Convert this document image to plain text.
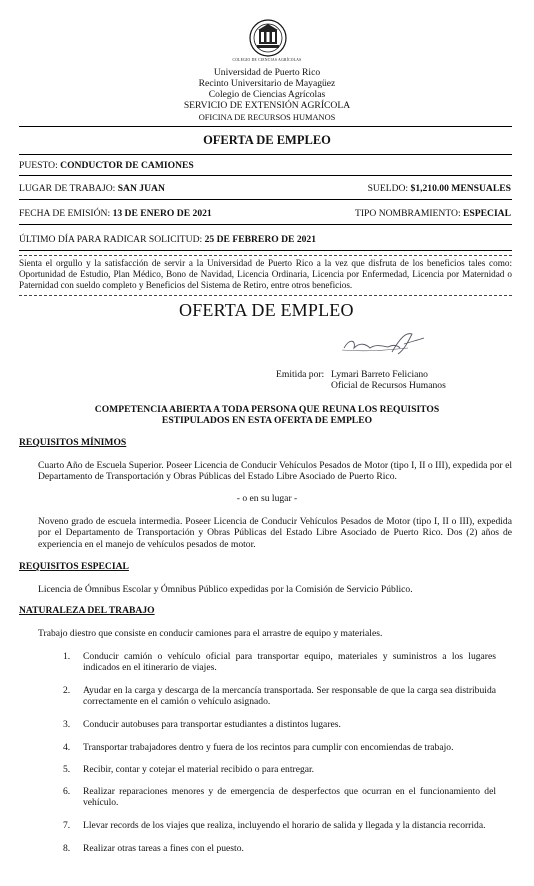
COLEGIO DE CIENCIAS AGRÍCOLAS
Universidad de Puerto Rico
Recinto Universitario de Mayagüez
Colegio de Ciencias Agrícolas
SERVICIO DE EXTENSIÓN AGRÍCOLA
OFICINA DE RECURSOS HUMANOS
OFERTA DE EMPLEO
PUESTO: CONDUCTOR DE CAMIONES
LUGAR DE TRABAJO: SAN JUAN	SUELDO: $1,210.00 MENSUALES
FECHA DE EMISIÓN: 13 DE ENERO DE 2021	TIPO NOMBRAMIENTO: ESPECIAL
ÚLTIMO DÍA PARA RADICAR SOLICITUD: 25 DE FEBRERO DE 2021
Sienta el orgullo y la satisfacción de servir a la Universidad de Puerto Rico a la vez que disfruta de los beneficios tales como: Oportunidad de Estudio, Plan Médico, Bono de Navidad, Licencia Ordinaria, Licencia por Enfermedad, Licencia por Maternidad o Paternidad con sueldo completo y Beneficios del Sistema de Retiro, entre otros beneficios.
OFERTA DE EMPLEO
Emitida por: Lymari Barreto Feliciano
Oficial de Recursos Humanos
COMPETENCIA ABIERTA A TODA PERSONA QUE REUNA LOS REQUISITOS
ESTIPULADOS EN ESTA OFERTA DE EMPLEO
REQUISITOS MÍNIMOS
Cuarto Año de Escuela Superior. Poseer Licencia de Conducir Vehículos Pesados de Motor (tipo I, II o III), expedida por el Departamento de Transportación y Obras Públicas del Estado Libre Asociado de Puerto Rico.
- o en su lugar -
Noveno grado de escuela intermedia. Poseer Licencia de Conducir Vehículos Pesados de Motor (tipo I, II o III), expedida por el Departamento de Transportación y Obras Públicas del Estado Libre Asociado de Puerto Rico. Dos (2) años de experiencia en el manejo de vehículos pesados de motor.
REQUISITOS ESPECIAL
Licencia de Ómnibus Escolar y Ómnibus Público expedidas por la Comisión de Servicio Público.
NATURALEZA DEL TRABAJO
Trabajo diestro que consiste en conducir camiones para el arrastre de equipo y materiales.
1. Conducir camión o vehículo oficial para transportar equipo, materiales y suministros a los lugares indicados en el itinerario de viajes.
2. Ayudar en la carga y descarga de la mercancía transportada. Ser responsable de que la carga sea distribuida correctamente en el camión o vehículo asignado.
3. Conducir autobuses para transportar estudiantes a distintos lugares.
4. Transportar trabajadores dentro y fuera de los recintos para cumplir con encomiendas de trabajo.
5. Recibir, contar y cotejar el material recibido o para entregar.
6. Realizar reparaciones menores y de emergencia de desperfectos que ocurran en el funcionamiento del vehículo.
7. Llevar records de los viajes que realiza, incluyendo el horario de salida y llegada y la distancia recorrida.
8. Realizar otras tareas a fines con el puesto.
